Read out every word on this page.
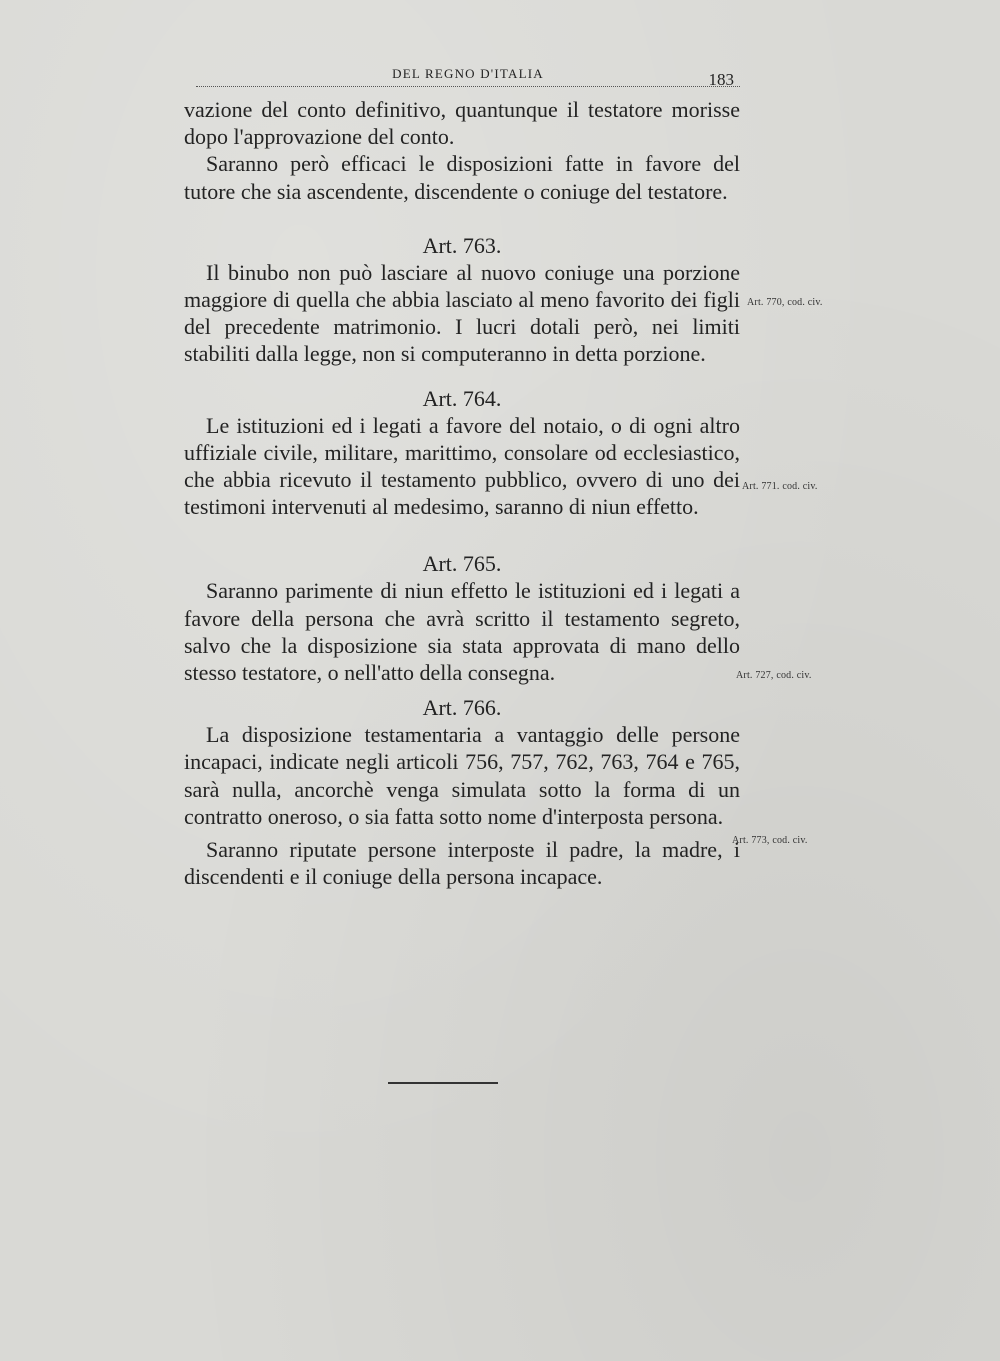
DEL REGNO D'ITALIA	183

vazione del conto definitivo, quantunque il testatore morisse dopo l'approvazione del conto.

Saranno però efficaci le disposizioni fatte in favore del tutore che sia ascendente, discendente o coniuge del testatore.

Art. 763.

Il binubo non può lasciare al nuovo coniuge una porzione maggiore di quella che abbia lasciato al meno favorito dei figli del precedente matrimonio. I lucri dotali però, nei limiti stabiliti dalla legge, non si computeranno in detta porzione.

Art. 764.

Le istituzioni ed i legati a favore del notaio, o di ogni altro uffiziale civile, militare, marittimo, consolare od ecclesiastico, che abbia ricevuto il testamento pubblico, ovvero di uno dei testimoni intervenuti al medesimo, saranno di niun effetto.

Art. 765.

Saranno parimente di niun effetto le istituzioni ed i legati a favore della persona che avrà scritto il testamento segreto, salvo che la disposizione sia stata approvata di mano dello stesso testatore, o nell'atto della consegna.

Art. 766.

La disposizione testamentaria a vantaggio delle persone incapaci, indicate negli articoli 756, 757, 762, 763, 764 e 765, sarà nulla, ancorchè venga simulata sotto la forma di un contratto oneroso, o sia fatta sotto nome d'interposta persona.

Saranno riputate persone interposte il padre, la madre, i discendenti e il coniuge della persona incapace.

Art. 770, cod. civ.
Art. 771. cod. civ.
Art. 727, cod. civ.
Art. 773, cod. civ.
